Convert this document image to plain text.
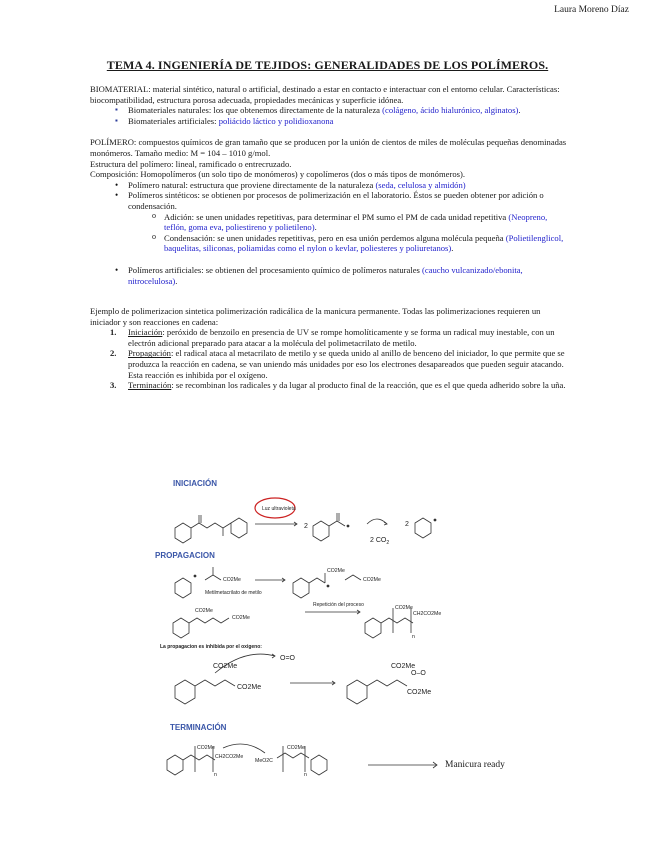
Laura Moreno Díaz
TEMA 4. INGENIERÍA DE TEJIDOS: GENERALIDADES DE LOS POLÍMEROS.

BIOMATERIAL: material sintético, natural o artificial, destinado a estar en contacto e interactuar con el entorno celular. Características: biocompatibilidad, estructura porosa adecuada, propiedades mecánicas y superficie idónea.

▪ Biomateriales naturales: los que obtenemos directamente de la naturaleza (colágeno, ácido hialurónico, alginatos).
▪ Biomateriales artificiales: poliácido láctico y polidioxanona

POLÍMERO: compuestos químicos de gran tamaño que se producen por la unión de cientos de miles de moléculas pequeñas denominadas monómeros. Tamaño medio: M = 104 – 1010 g/mol.

Estructura del polímero: lineal, ramificado o entrecruzado.

Composición: Homopolímeros (un solo tipo de monómeros) y copolímeros (dos o más tipos de monómeros).

• Polímero natural: estructura que proviene directamente de la naturaleza (seda, celulosa y almidón)
• Polímeros sintéticos: se obtienen por procesos de polimerización en el laboratorio. Éstos se pueden obtener por adición o condensación.
o Adición: se unen unidades repetitivas, para determinar el PM sumo el PM de cada unidad repetitiva (Neopreno, teflón, goma eva, poliestireno y polietileno).
o Condensación: se unen unidades repetitivas, pero en esa unión perdemos alguna molécula pequeña (Polietilenglicol, baquelitas, siliconas, poliamidas como el nylon o kevlar, poliesteres y poliuretanos).
• Polímeros artificiales: se obtienen del procesamiento químico de polímeros naturales (caucho vulcanizado/ebonita, nitrocelulosa).

Ejemplo de polimerizacion sintetica polimerización radicálica de la manicura permanente. Todas las polimerizaciones requieren un iniciador y son reacciones en cadena:

1. Iniciación: peróxido de benzoilo en presencia de UV se rompe homolíticamente y se forma un radical muy inestable, con un electrón adicional preparado para atacar a la molécula del polimetacrilato de metilo.
2. Propagación: el radical ataca al metacrilato de metilo y se queda unido al anillo de benceno del iniciador, lo que permite que se produzca la reacción en cadena, se van uniendo más unidades por eso los electrones desapareados que pueden seguir atacando. Esta reacción es inhibida por el oxígeno.
3. Terminación: se recombinan los radicales y da lugar al producto final de la reacción, que es el que queda adherido sobre la uña.
INICIACIÓN
Luz ultravioleta
2
2 $CO_2$
2
PROPAGACION
CO2Me
Metilmetacrilato de metilo
CO2Me
CO2Me
CO2Me
CO2Me
Repetición del proceso	CO2Me
CH2CO2Me
n
La propagacion es inhibida por el oxigeno:
O=O
CO2Me
CO2Me
CO2Me
O–O
CO2Me
TERMINACIÓN
CO2Me
CH2CO2Me
n
MeO2C
CO2Me
n
Manicura ready
